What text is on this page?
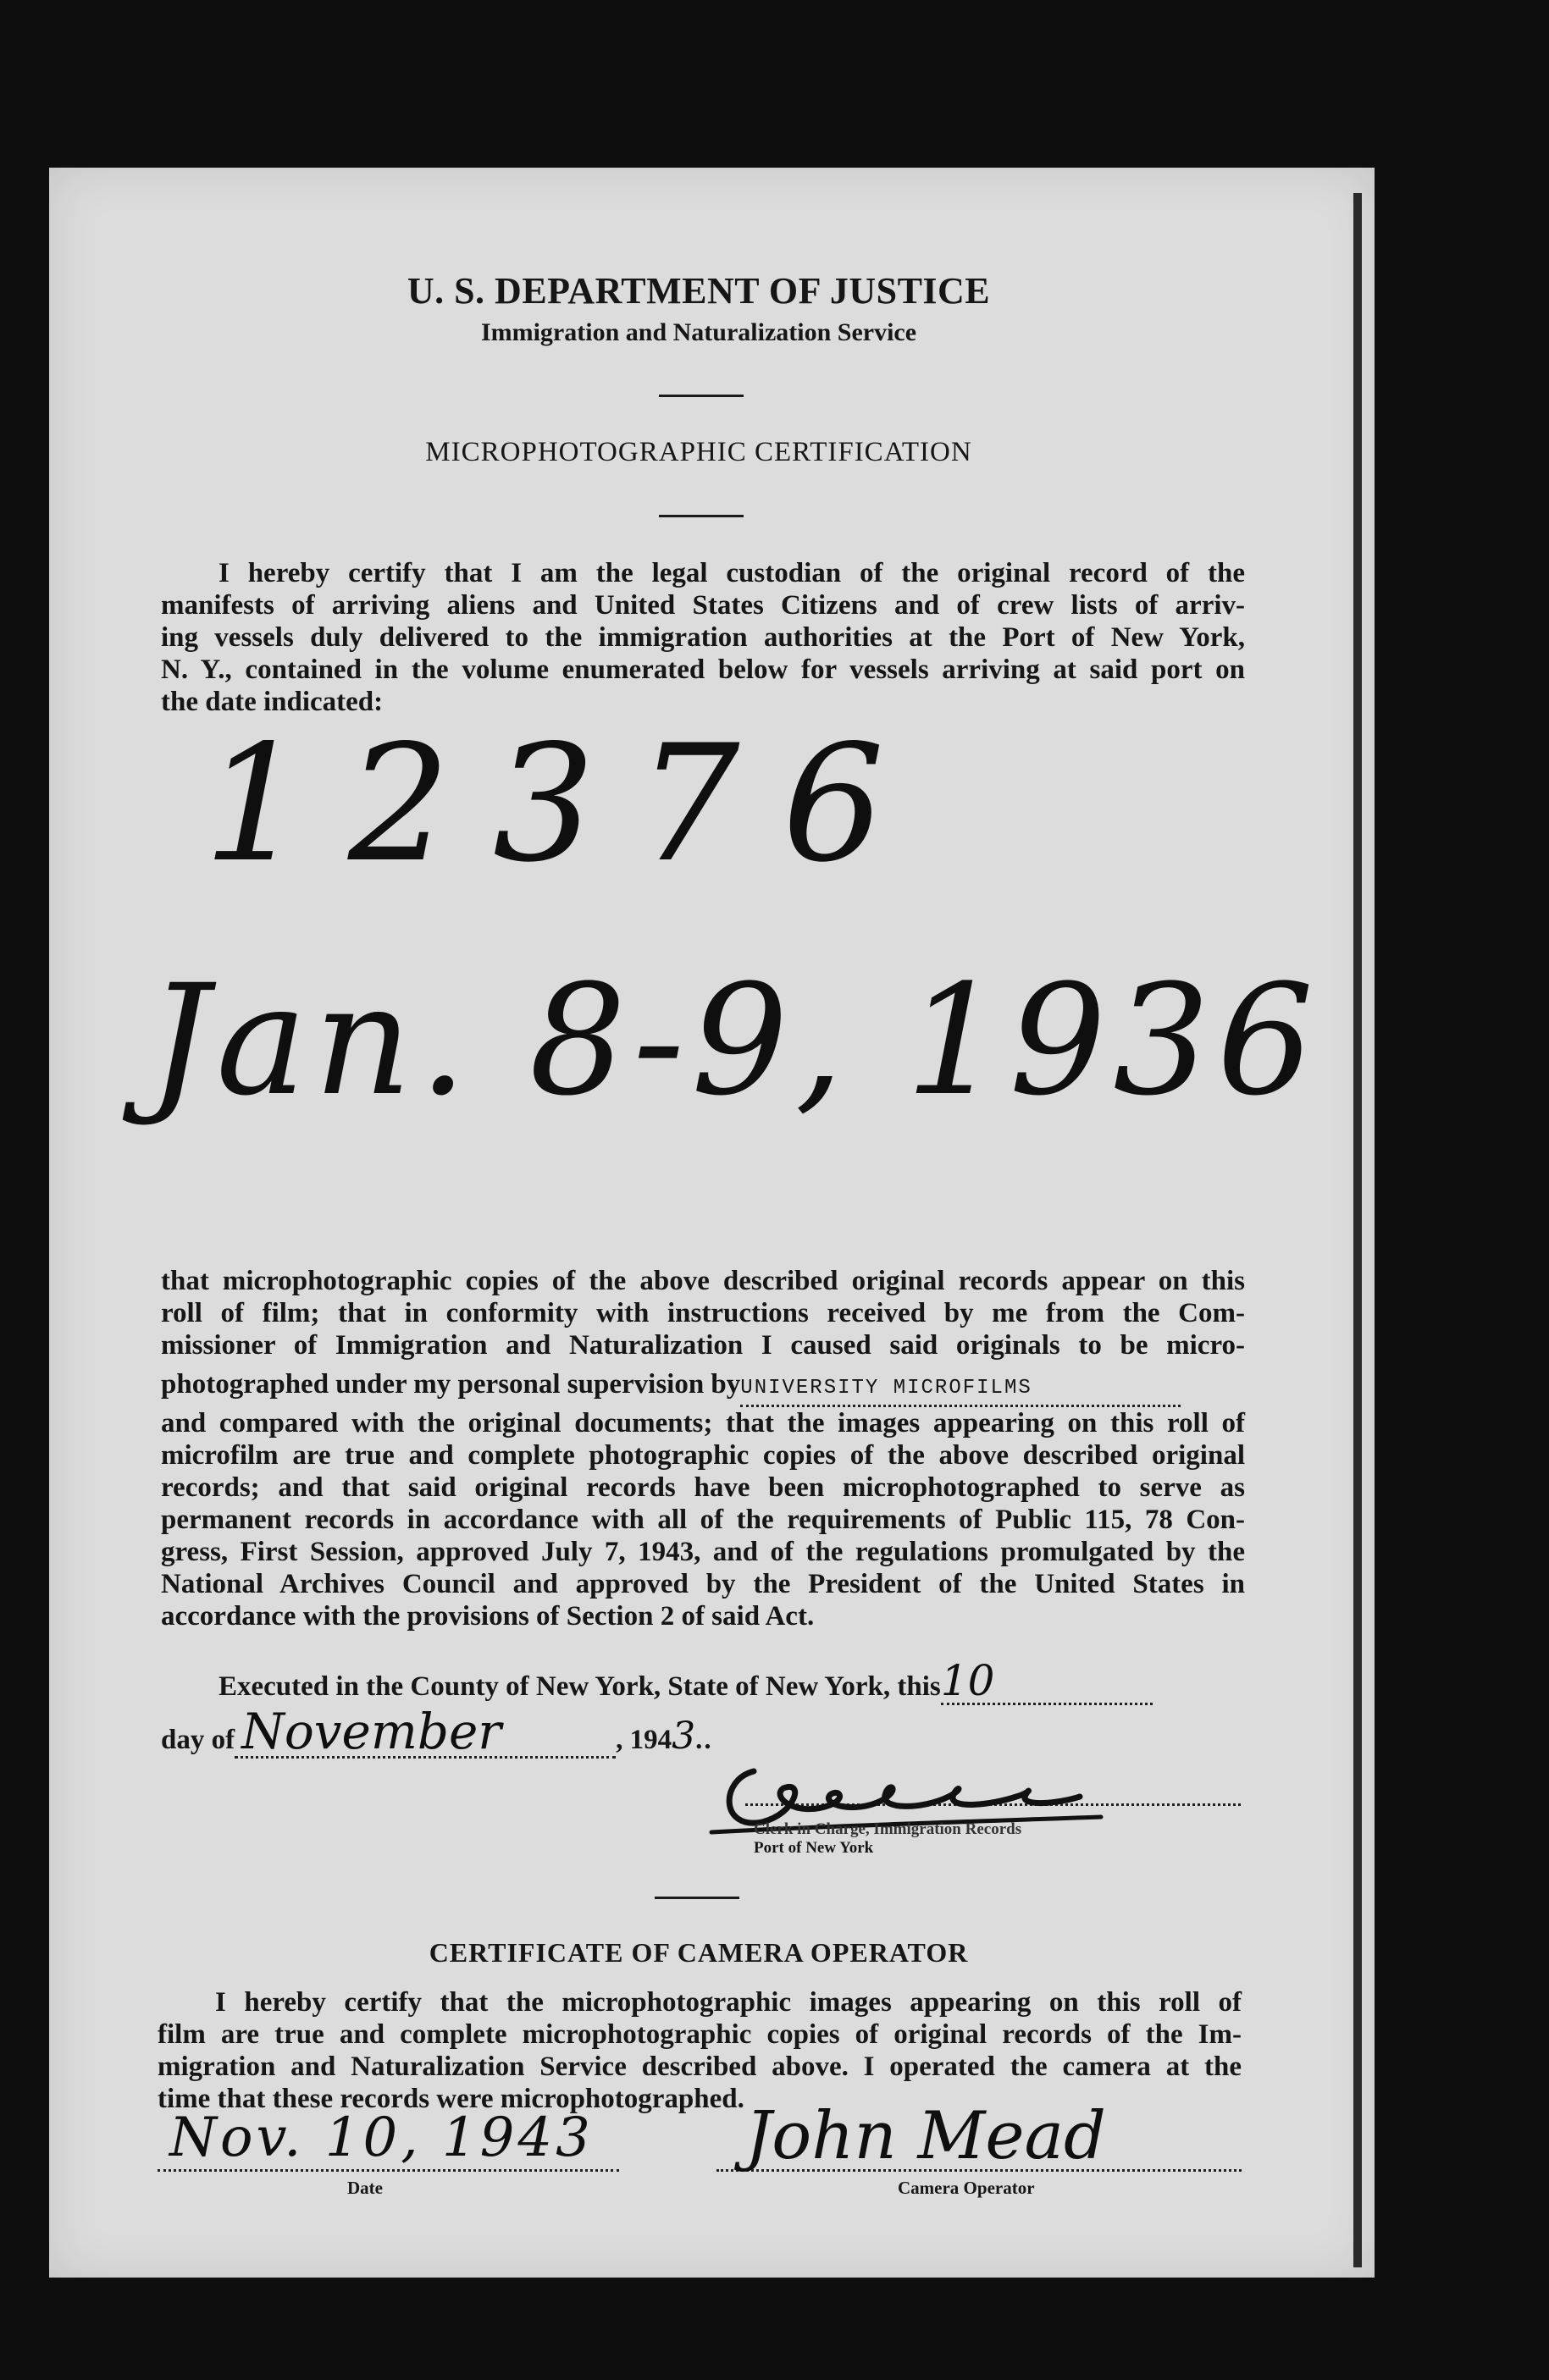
U. S. DEPARTMENT OF JUSTICE
Immigration and Naturalization Service
MICROPHOTOGRAPHIC CERTIFICATION
I hereby certify that I am the legal custodian of the original record of the
manifests of arriving aliens and United States Citizens and of crew lists of arriv-
ing vessels duly delivered to the immigration authorities at the Port of New York,
N. Y., contained in the volume enumerated below for vessels arriving at said port on
the date indicated:
12376
Jan. 8-9, 1936
that microphotographic copies of the above described original records appear on this
roll of film; that in conformity with instructions received by me from the Com-
missioner of Immigration and Naturalization I caused said originals to be micro-
photographed under my personal supervision byUNIVERSITY MICROFILMS
and compared with the original documents; that the images appearing on this roll of
microfilm are true and complete photographic copies of the above described original
records; and that said original records have been microphotographed to serve as
permanent records in accordance with all of the requirements of Public 115, 78 Con-
gress, First Session, approved July 7, 1943, and of the regulations promulgated by the
National Archives Council and approved by the President of the United States in
accordance with the provisions of Section 2 of said Act.
Executed in the County of New York, State of New York, this10
day of November	, 1943..
Clerk in Charge, Immigration Records
Port of New York
CERTIFICATE OF CAMERA OPERATOR
I hereby certify that the microphotographic images appearing on this roll of
film are true and complete microphotographic copies of original records of the Im-
migration and Naturalization Service described above. I operated the camera at the
time that these records were microphotographed.
Nov. 10, 1943
Date
John Mead
Camera Operator
